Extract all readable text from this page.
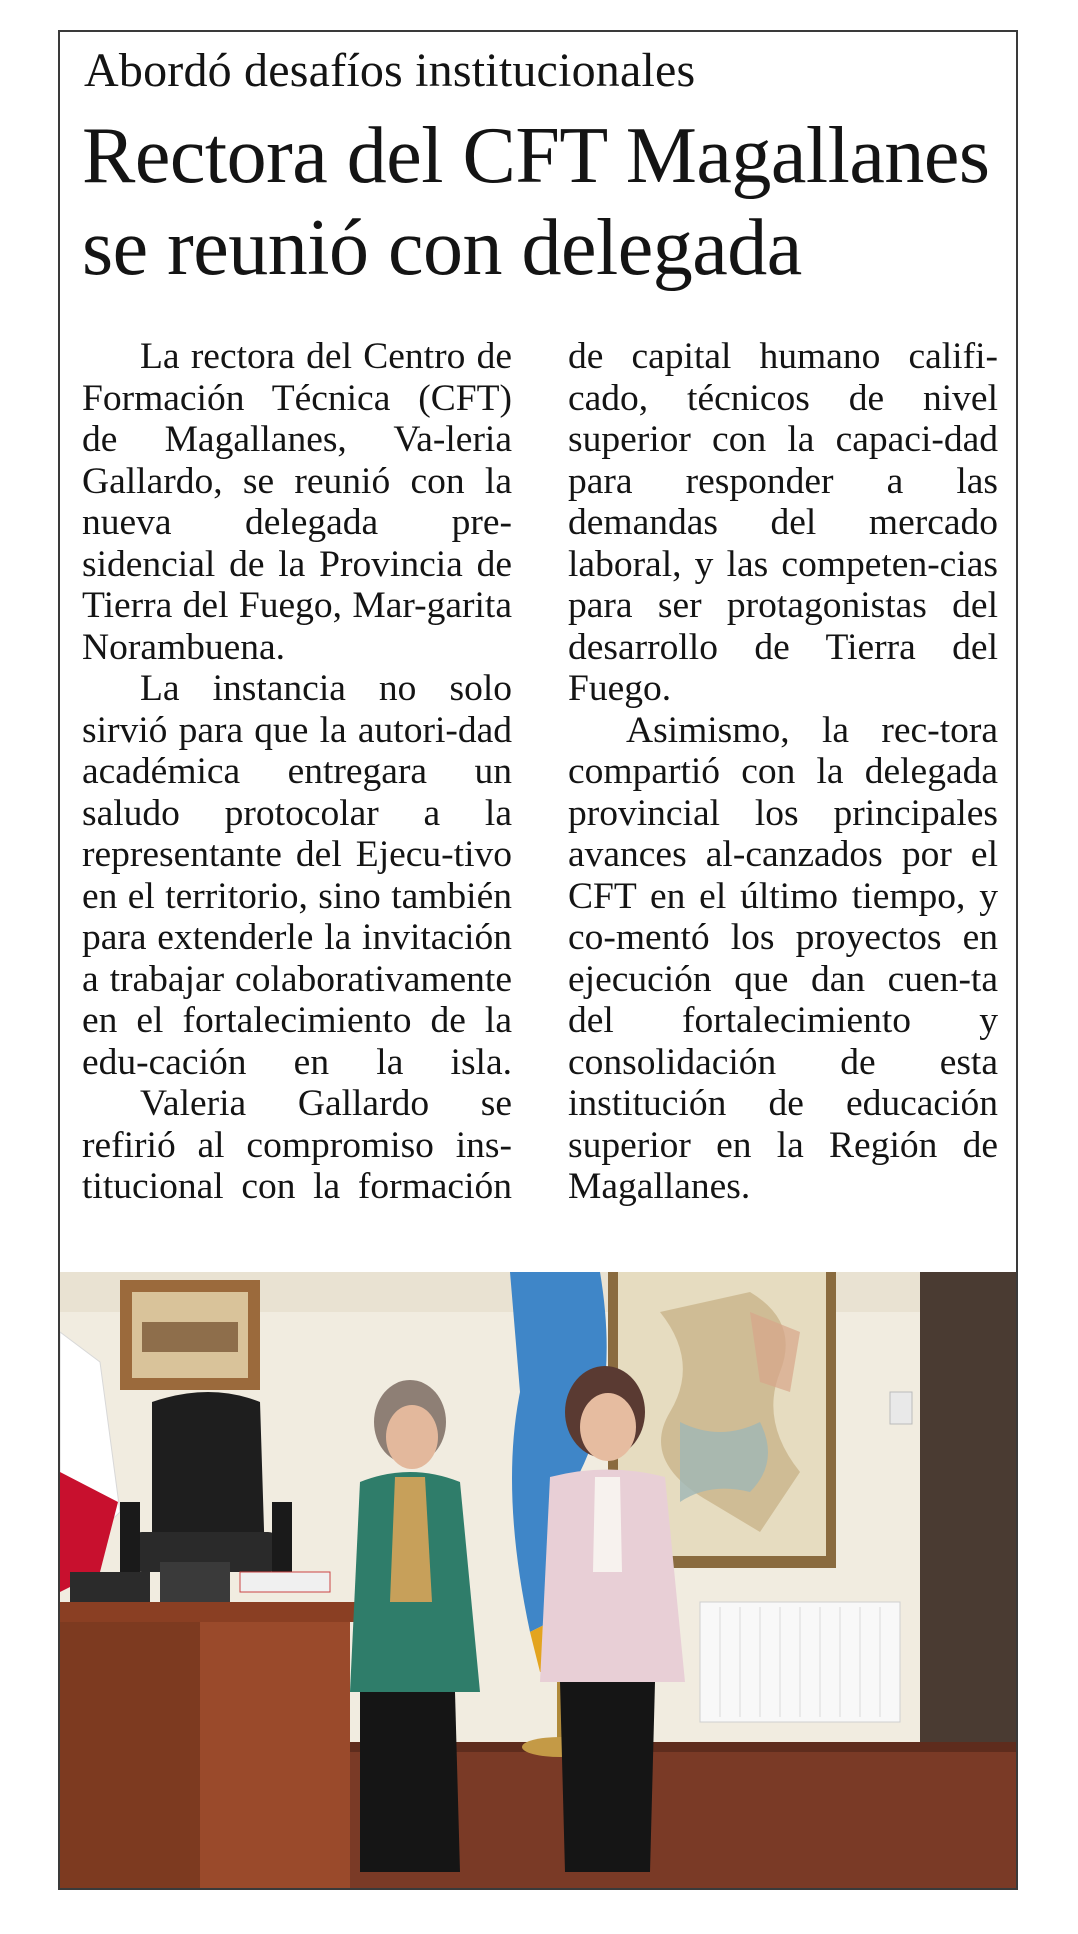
Abordó desafíos institucionales
Rectora del CFT Magallanes
se reunió con delegada

La rectora del Centro de Formación Técnica (CFT) de Magallanes, Va-leria Gallardo, se reunió con la nueva delegada pre-sidencial de la Provincia de Tierra del Fuego, Mar-garita Norambuena.

La instancia no solo sirvió para que la autori-dad académica entregara un saludo protocolar a la representante del Ejecu-tivo en el territorio, sino también para extenderle la invitación a trabajar colaborativamente en el fortalecimiento de la edu-cación en la isla.

Valeria Gallardo se refirió al compromiso ins-titucional con la formación

de capital humano califi-cado, técnicos de nivel superior con la capaci-dad para responder a las demandas del mercado laboral, y las competen-cias para ser protagonistas del desarrollo de Tierra del Fuego.

Asimismo, la rec-tora compartió con la delegada provincial los principales avances al-canzados por el CFT en el último tiempo, y co-mentó los proyectos en ejecución que dan cuen-ta del fortalecimiento y consolidación de esta institución de educación superior en la Región de Magallanes.
